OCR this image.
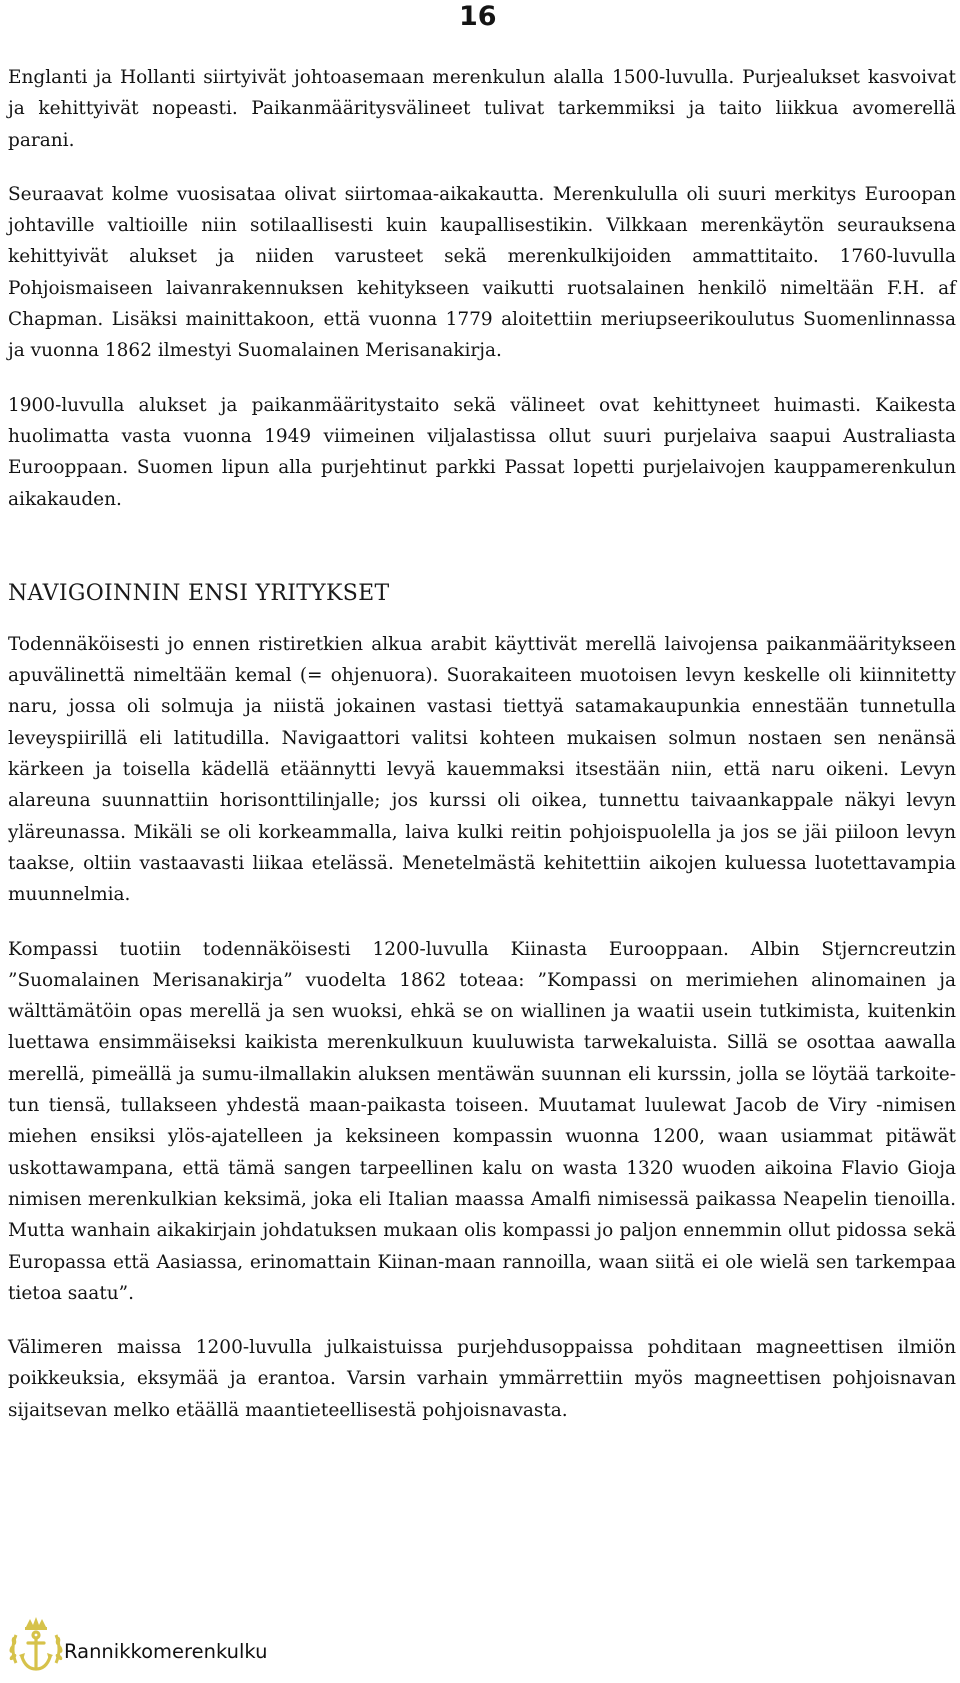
16

Englanti ja Hollanti siirtyivät johtoasemaan merenkulun alalla 1500-luvulla. Purjealukset kasvoivat ja kehittyivät nopeasti. Paikanmääritysvälineet tulivat tarkemmiksi ja taito liikkua avomerellä parani.

Seuraavat kolme vuosisataa olivat siirtomaa-aikakautta. Merenkululla oli suuri merkitys Euroopan johtaville valtioille niin sotilaallisesti kuin kaupallisestikin. Vilkkaan merenkäytön seurauksena kehittyivät alukset ja niiden varusteet sekä merenkulkijoiden ammattitaito. 1760-luvulla Pohjoismaiseen laivanrakennuksen kehitykseen vaikutti ruotsalainen henkilö nimeltään F.H. af Chapman. Lisäksi mainittakoon, että vuonna 1779 aloitettiin meriupseerikoulutus Suomenlinnassa ja vuonna 1862 ilmestyi Suomalainen Merisanakirja.

1900-luvulla alukset ja paikanmääritystaito sekä välineet ovat kehittyneet huimasti. Kaikesta huolimatta vasta vuonna 1949 viimeinen viljalastissa ollut suuri purjelaiva saapui Australiasta Eurooppaan. Suomen lipun alla purjehtinut parkki Passat lopetti purjelaivojen kauppamerenkulun aikakauden.

NAVIGOINNIN ENSI YRITYKSET

Todennäköisesti jo ennen ristiretkien alkua arabit käyttivät merellä laivojensa paikanmääritykseen apuvälinettä nimeltään kemal (= ohjenuora). Suorakaiteen muotoisen levyn keskelle oli kiinnitetty naru, jossa oli solmuja ja niistä jokainen vastasi tiettyä satamakaupunkia ennestään tunnetulla leveyspiirillä eli latitudilla. Navigaattori valitsi kohteen mukaisen solmun nostaen sen nenänsä kärkeen ja toisella kädellä etäännytti levyä kauemmaksi itsestään niin, että naru oikeni. Levyn alareuna suunnattiin horisonttilinjalle; jos kurssi oli oikea, tunnettu taivaankappale näkyi levyn yläreunassa. Mikäli se oli korkeammalla, laiva kulki reitin pohjoispuolella ja jos se jäi piiloon levyn taakse, oltiin vastaavasti liikaa etelässä. Menetelmästä kehitettiin aikojen kuluessa luotettavampia muunnelmia.

Kompassi tuotiin todennäköisesti 1200-luvulla Kiinasta Eurooppaan. Albin Stjerncreutzin ”Suomalainen Merisanakirja” vuodelta 1862 toteaa: ”Kompassi on merimiehen alinomainen ja wälttämätöin opas merellä ja sen wuoksi, ehkä se on wiallinen ja waatii usein tutkimista, kuitenkin luettawa ensimmäiseksi kaikista merenkulkuun kuuluwista tarwekaluista. Sillä se osottaa aawalla merellä, pimeällä ja sumu-ilmallakin aluksen mentäwän suunnan eli kurssin, jolla se löytää tarkoitetun tiensä, tullakseen yhdestä maan-paikasta toiseen. Muutamat luulewat Jacob de Viry -nimisen miehen ensiksi ylös-ajatelleen ja keksineen kompassin wuonna 1200, waan usiammat pitäwät uskottawampana, että tämä sangen tarpeellinen kalu on wasta 1320 wuoden aikoina Flavio Gioja nimisen merenkulkian keksimä, joka eli Italian maassa Amalfi nimisessä paikassa Neapelin tienoilla. Mutta wanhain aikakirjain johdatuksen mukaan olis kompassi jo paljon ennemmin ollut pidossa sekä Europassa että Aasiassa, erinomattain Kiinan-maan rannoilla, waan siitä ei ole wielä sen tarkempaa tietoa saatu”.

Välimeren maissa 1200-luvulla julkaistuissa purjehdusoppaissa pohditaan magneettisen ilmiön poikkeuksia, eksymää ja erantoa. Varsin varhain ymmärrettiin myös magneettisen pohjoisnavan sijaitsevan melko etäällä maantieteellisestä pohjoisnavasta.

Rannikkomerenkulku
